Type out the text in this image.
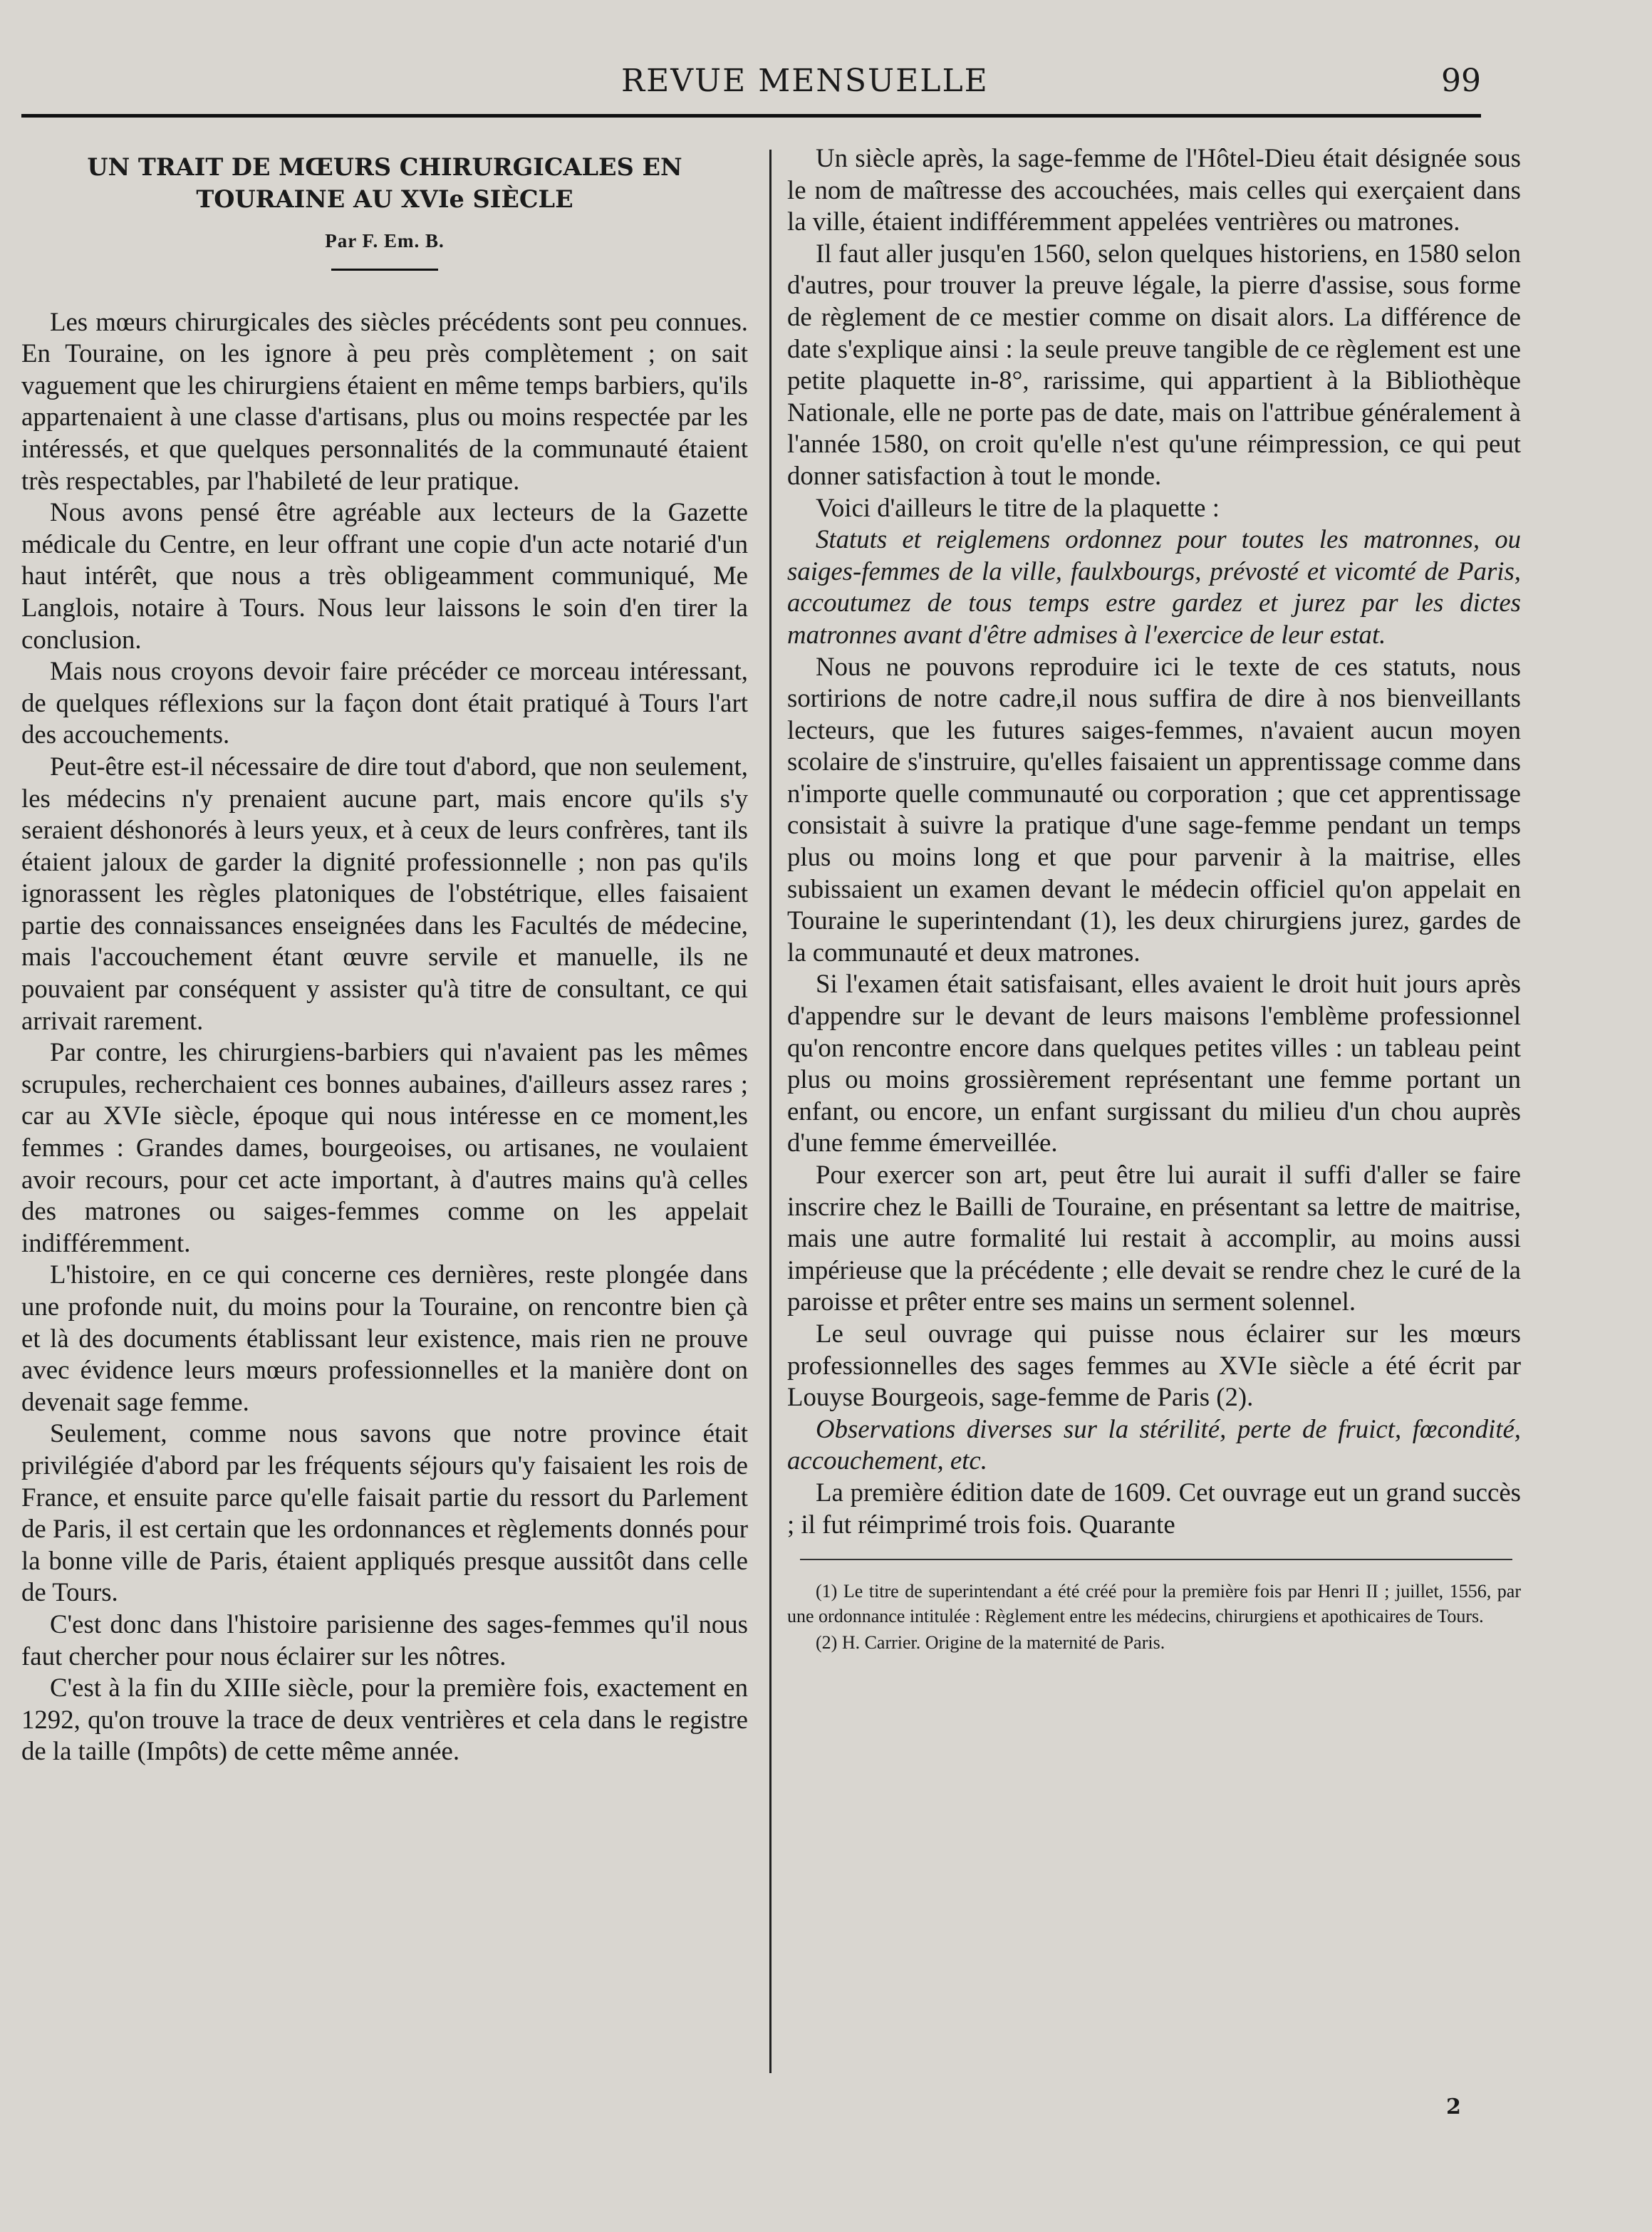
REVUE MENSUELLE	99
UN TRAIT DE MŒURS CHIRURGICALES EN TOURAINE AU XVIe SIÈCLE
Par F. Em. B.

Les mœurs chirurgicales des siècles précédents sont peu connues. En Touraine, on les ignore à peu près complètement ; on sait vaguement que les chirurgiens étaient en même temps barbiers, qu'ils appartenaient à une classe d'artisans, plus ou moins respectée par les intéressés, et que quelques personnalités de la communauté étaient très respectables, par l'habileté de leur pratique.

Nous avons pensé être agréable aux lecteurs de la Gazette médicale du Centre, en leur offrant une copie d'un acte notarié d'un haut intérêt, que nous a très obligeamment communiqué, Me Langlois, notaire à Tours. Nous leur laissons le soin d'en tirer la conclusion.

Mais nous croyons devoir faire précéder ce morceau intéressant, de quelques réflexions sur la façon dont était pratiqué à Tours l'art des accouchements.

Peut-être est-il nécessaire de dire tout d'abord, que non seulement, les médecins n'y prenaient aucune part, mais encore qu'ils s'y seraient déshonorés à leurs yeux, et à ceux de leurs confrères, tant ils étaient jaloux de garder la dignité professionnelle ; non pas qu'ils ignorassent les règles platoniques de l'obstétrique, elles faisaient partie des connaissances enseignées dans les Facultés de médecine, mais l'accouchement étant œuvre servile et manuelle, ils ne pouvaient par conséquent y assister qu'à titre de consultant, ce qui arrivait rarement.

Par contre, les chirurgiens-barbiers qui n'avaient pas les mêmes scrupules, recherchaient ces bonnes aubaines, d'ailleurs assez rares ; car au XVIe siècle, époque qui nous intéresse en ce moment,les femmes : Grandes dames, bourgeoises, ou artisanes, ne voulaient avoir recours, pour cet acte important, à d'autres mains qu'à celles des matrones ou saiges-femmes comme on les appelait indifféremment.

L'histoire, en ce qui concerne ces dernières, reste plongée dans une profonde nuit, du moins pour la Touraine, on rencontre bien çà et là des documents établissant leur existence, mais rien ne prouve avec évidence leurs mœurs professionnelles et la manière dont on devenait sage femme.

Seulement, comme nous savons que notre province était privilégiée d'abord par les fréquents séjours qu'y faisaient les rois de France, et ensuite parce qu'elle faisait partie du ressort du Parlement de Paris, il est certain que les ordonnances et règlements donnés pour la bonne ville de Paris, étaient appliqués presque aussitôt dans celle de Tours.

C'est donc dans l'histoire parisienne des sages-femmes qu'il nous faut chercher pour nous éclairer sur les nôtres.

C'est à la fin du XIIIe siècle, pour la première fois, exactement en 1292, qu'on trouve la trace de deux ventrières et cela dans le registre de la taille (Impôts) de cette même année.

Un siècle après, la sage-femme de l'Hôtel-Dieu était désignée sous le nom de maîtresse des accouchées, mais celles qui exerçaient dans la ville, étaient indifféremment appelées ventrières ou matrones.

Il faut aller jusqu'en 1560, selon quelques historiens, en 1580 selon d'autres, pour trouver la preuve légale, la pierre d'assise, sous forme de règlement de ce mestier comme on disait alors. La différence de date s'explique ainsi : la seule preuve tangible de ce règlement est une petite plaquette in-8°, rarissime, qui appartient à la Bibliothèque Nationale, elle ne porte pas de date, mais on l'attribue généralement à l'année 1580, on croit qu'elle n'est qu'une réimpression, ce qui peut donner satisfaction à tout le monde.

Voici d'ailleurs le titre de la plaquette :

Statuts et reiglemens ordonnez pour toutes les matronnes, ou saiges-femmes de la ville, faulxbourgs, prévosté et vicomté de Paris, accoutumez de tous temps estre gardez et jurez par les dictes matronnes avant d'être admises à l'exercice de leur estat.

Nous ne pouvons reproduire ici le texte de ces statuts, nous sortirions de notre cadre,il nous suffira de dire à nos bienveillants lecteurs, que les futures saiges-femmes, n'avaient aucun moyen scolaire de s'instruire, qu'elles faisaient un apprentissage comme dans n'importe quelle communauté ou corporation ; que cet apprentissage consistait à suivre la pratique d'une sage-femme pendant un temps plus ou moins long et que pour parvenir à la maitrise, elles subissaient un examen devant le médecin officiel qu'on appelait en Touraine le superintendant (1), les deux chirurgiens jurez, gardes de la communauté et deux matrones.

Si l'examen était satisfaisant, elles avaient le droit huit jours après d'appendre sur le devant de leurs maisons l'emblème professionnel qu'on rencontre encore dans quelques petites villes : un tableau peint plus ou moins grossièrement représentant une femme portant un enfant, ou encore, un enfant surgissant du milieu d'un chou auprès d'une femme émerveillée.

Pour exercer son art, peut être lui aurait il suffi d'aller se faire inscrire chez le Bailli de Touraine, en présentant sa lettre de maitrise, mais une autre formalité lui restait à accomplir, au moins aussi impérieuse que la précédente ; elle devait se rendre chez le curé de la paroisse et prêter entre ses mains un serment solennel.

Le seul ouvrage qui puisse nous éclairer sur les mœurs professionnelles des sages femmes au XVIe siècle a été écrit par Louyse Bourgeois, sage-femme de Paris (2).

Observations diverses sur la stérilité, perte de fruict, fœcondité, accouchement, etc.

La première édition date de 1609. Cet ouvrage eut un grand succès ; il fut réimprimé trois fois. Quarante

(1) Le titre de superintendant a été créé pour la première fois par Henri II ; juillet, 1556, par une ordonnance intitulée : Règlement entre les médecins, chirurgiens et apothicaires de Tours.

(2) H. Carrier. Origine de la maternité de Paris.

2
